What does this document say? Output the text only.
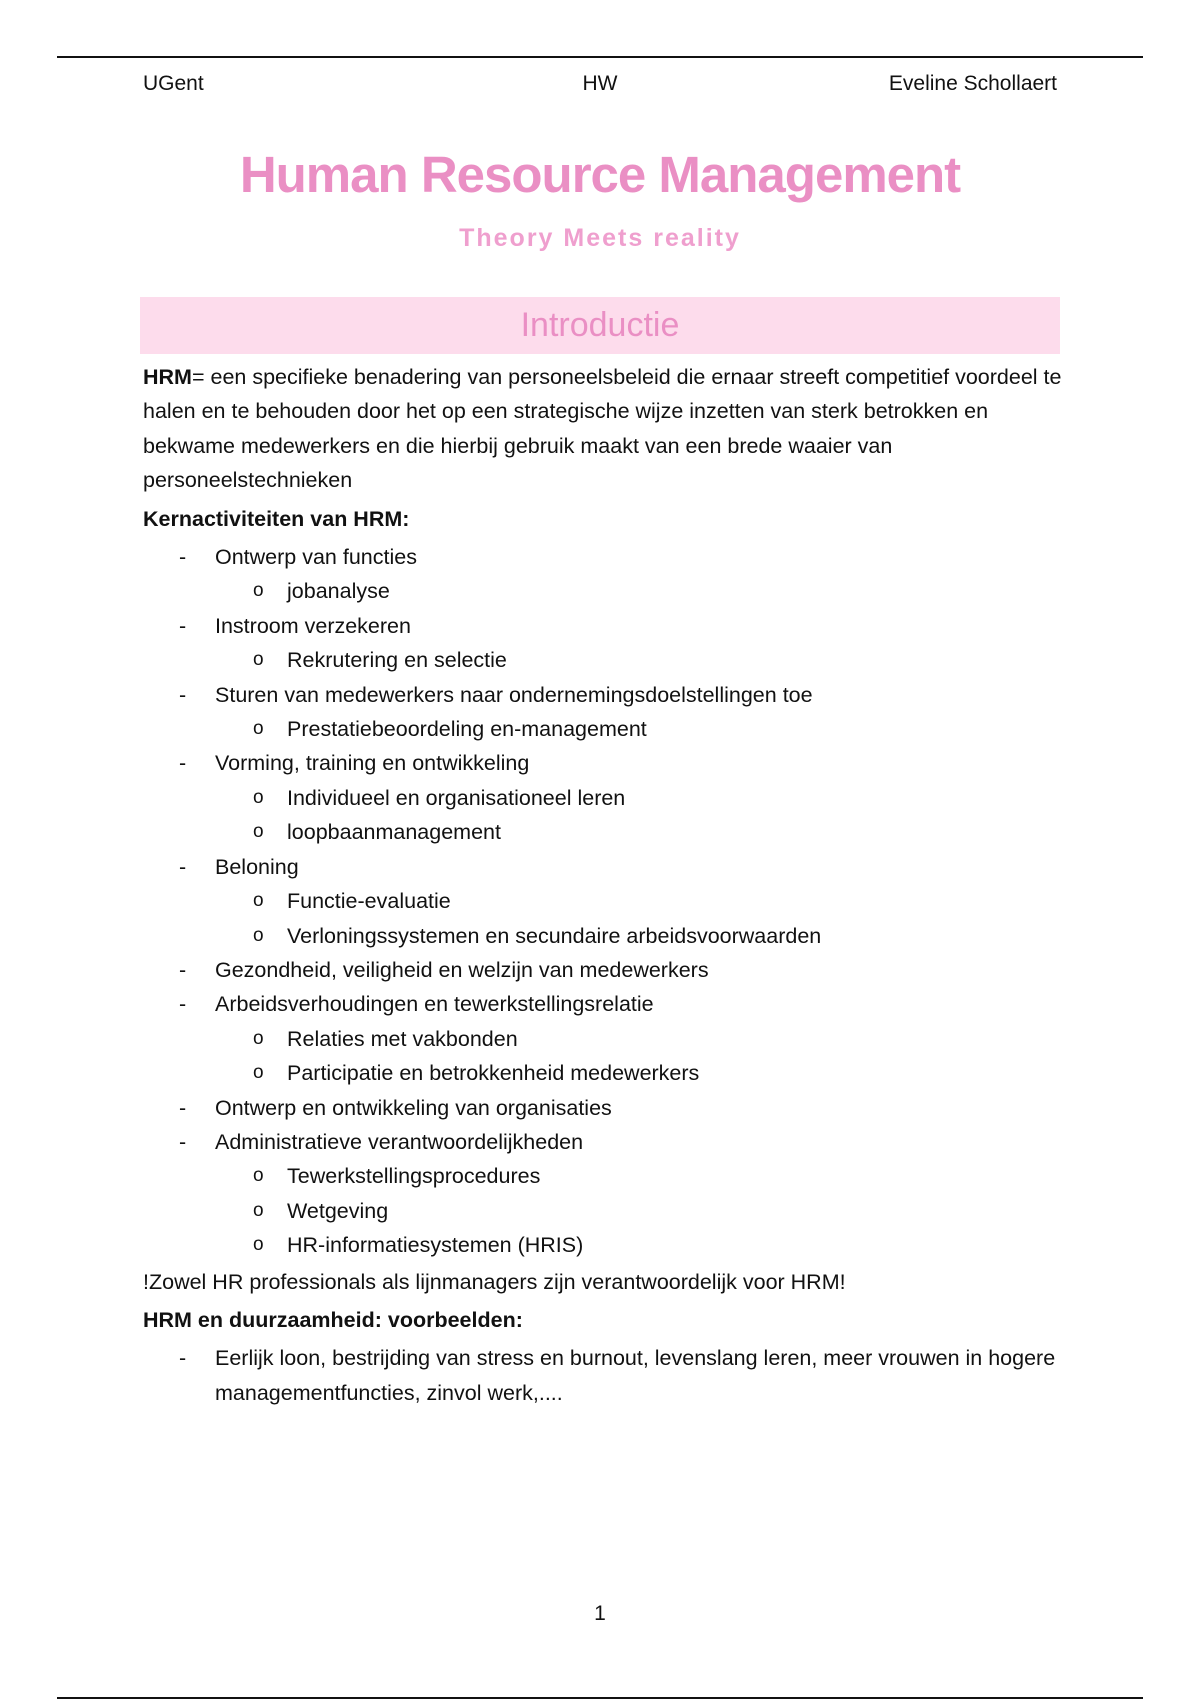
UGent	HW	Eveline Schollaert
Human Resource Management
Theory Meets reality
Introductie

HRM= een specifieke benadering van personeelsbeleid die ernaar streeft competitief voordeel te halen en te behouden door het op een strategische wijze inzetten van sterk betrokken en bekwame medewerkers en die hierbij gebruik maakt van een brede waaier van personeelstechnieken

Kernactiviteiten van HRM:
- Ontwerp van functies
o jobanalyse
- Instroom verzekeren
o Rekrutering en selectie
- Sturen van medewerkers naar ondernemingsdoelstellingen toe
o Prestatiebeoordeling en-management
- Vorming, training en ontwikkeling
o Individueel en organisationeel leren
o loopbaanmanagement
- Beloning
o Functie-evaluatie
o Verloningssystemen en secundaire arbeidsvoorwaarden
- Gezondheid, veiligheid en welzijn van medewerkers
- Arbeidsverhoudingen en tewerkstellingsrelatie
o Relaties met vakbonden
o Participatie en betrokkenheid medewerkers
- Ontwerp en ontwikkeling van organisaties
- Administratieve verantwoordelijkheden
o Tewerkstellingsprocedures
o Wetgeving
o HR-informatiesystemen (HRIS)
!Zowel HR professionals als lijnmanagers zijn verantwoordelijk voor HRM!
HRM en duurzaamheid: voorbeelden:
- Eerlijk loon, bestrijding van stress en burnout, levenslang leren, meer vrouwen in hogere managementfuncties, zinvol werk,....
1
